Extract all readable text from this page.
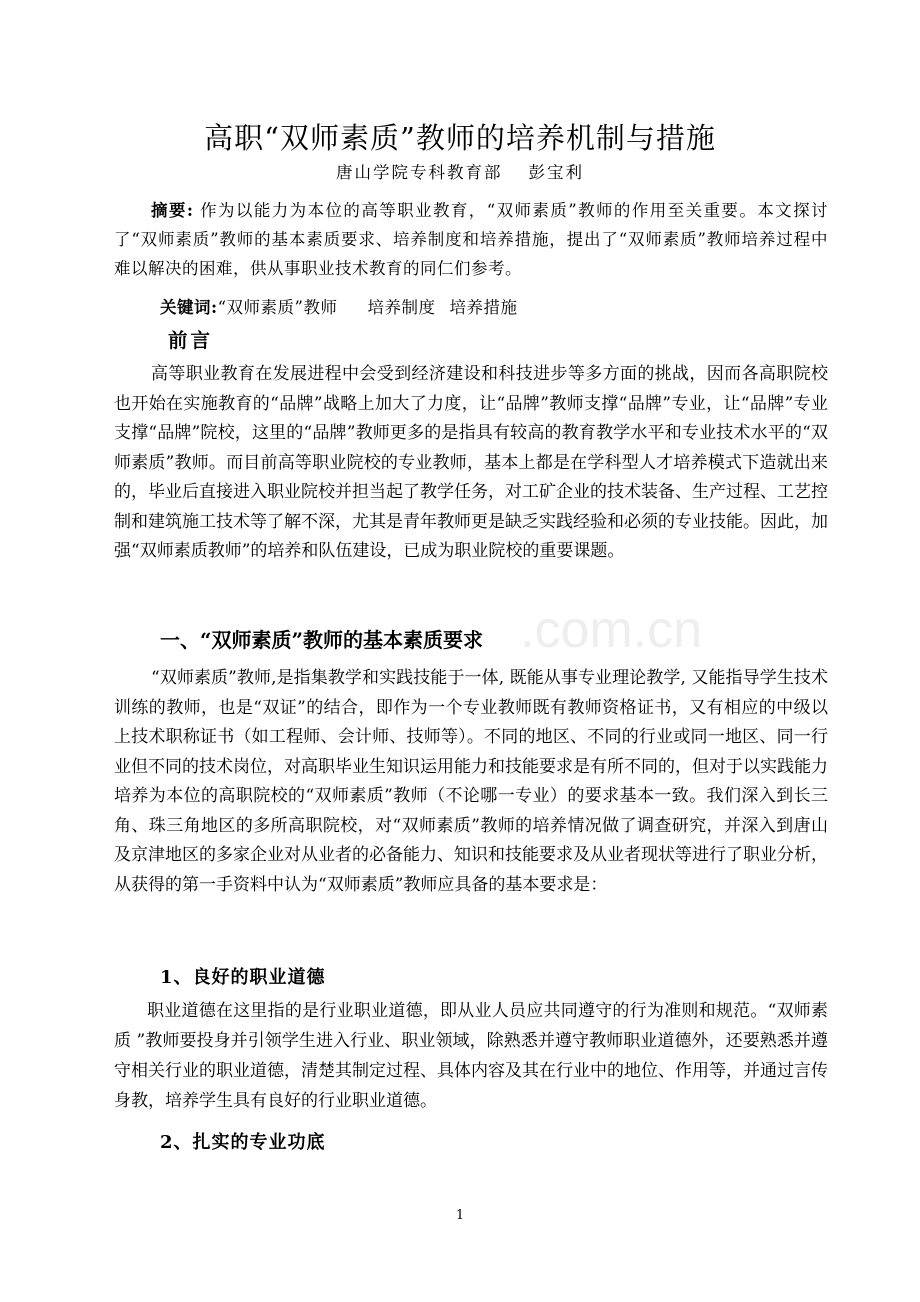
高职“双师素质”教师的培养机制与措施
唐山学院专科教育部 彭宝利
摘要: 作为以能力为本位的高等职业教育，“双师素质”教师的作用至关重要。本文探讨了“双师素质”教师的基本素质要求、培养制度和培养措施，提出了“双师素质”教师培养过程中难以解决的困难，供从事职业技术教育的同仁们参考。
关键词:“双师素质”教师 培养制度 培养措施
前言
高等职业教育在发展进程中会受到经济建设和科技进步等多方面的挑战，因而各高职院校也开始在实施教育的“品牌”战略上加大了力度，让“品牌”教师支撑“品牌”专业，让“品牌”专业支撑“品牌”院校，这里的“品牌”教师更多的是指具有较高的教育教学水平和专业技术水平的“双师素质”教师。而目前高等职业院校的专业教师，基本上都是在学科型人才培养模式下造就出来的，毕业后直接进入职业院校并担当起了教学任务，对工矿企业的技术装备、生产过程、工艺控制和建筑施工技术等了解不深，尤其是青年教师更是缺乏实践经验和必须的专业技能。因此，加强“双师素质教师”的培养和队伍建设，已成为职业院校的重要课题。
一、“双师素质”教师的基本素质要求
“双师素质”教师,是指集教学和实践技能于一体, 既能从事专业理论教学, 又能指导学生技术训练的教师，也是“双证”的结合，即作为一个专业教师既有教师资格证书，又有相应的中级以上技术职称证书（如工程师、会计师、技师等）。不同的地区、不同的行业或同一地区、同一行业但不同的技术岗位，对高职毕业生知识运用能力和技能要求是有所不同的，但对于以实践能力培养为本位的高职院校的“双师素质”教师（不论哪一专业）的要求基本一致。我们深入到长三角、珠三角地区的多所高职院校，对“双师素质”教师的培养情况做了调查研究，并深入到唐山及京津地区的多家企业对从业者的必备能力、知识和技能要求及从业者现状等进行了职业分析，从获得的第一手资料中认为“双师素质”教师应具备的基本要求是：
1、良好的职业道德
职业道德在这里指的是行业职业道德，即从业人员应共同遵守的行为准则和规范。“双师素质 ”教师要投身并引领学生进入行业、职业领域，除熟悉并遵守教师职业道德外，还要熟悉并遵守相关行业的职业道德，清楚其制定过程、具体内容及其在行业中的地位、作用等，并通过言传身教，培养学生具有良好的行业职业道德。
2、扎实的专业功底
1
.com.cn
